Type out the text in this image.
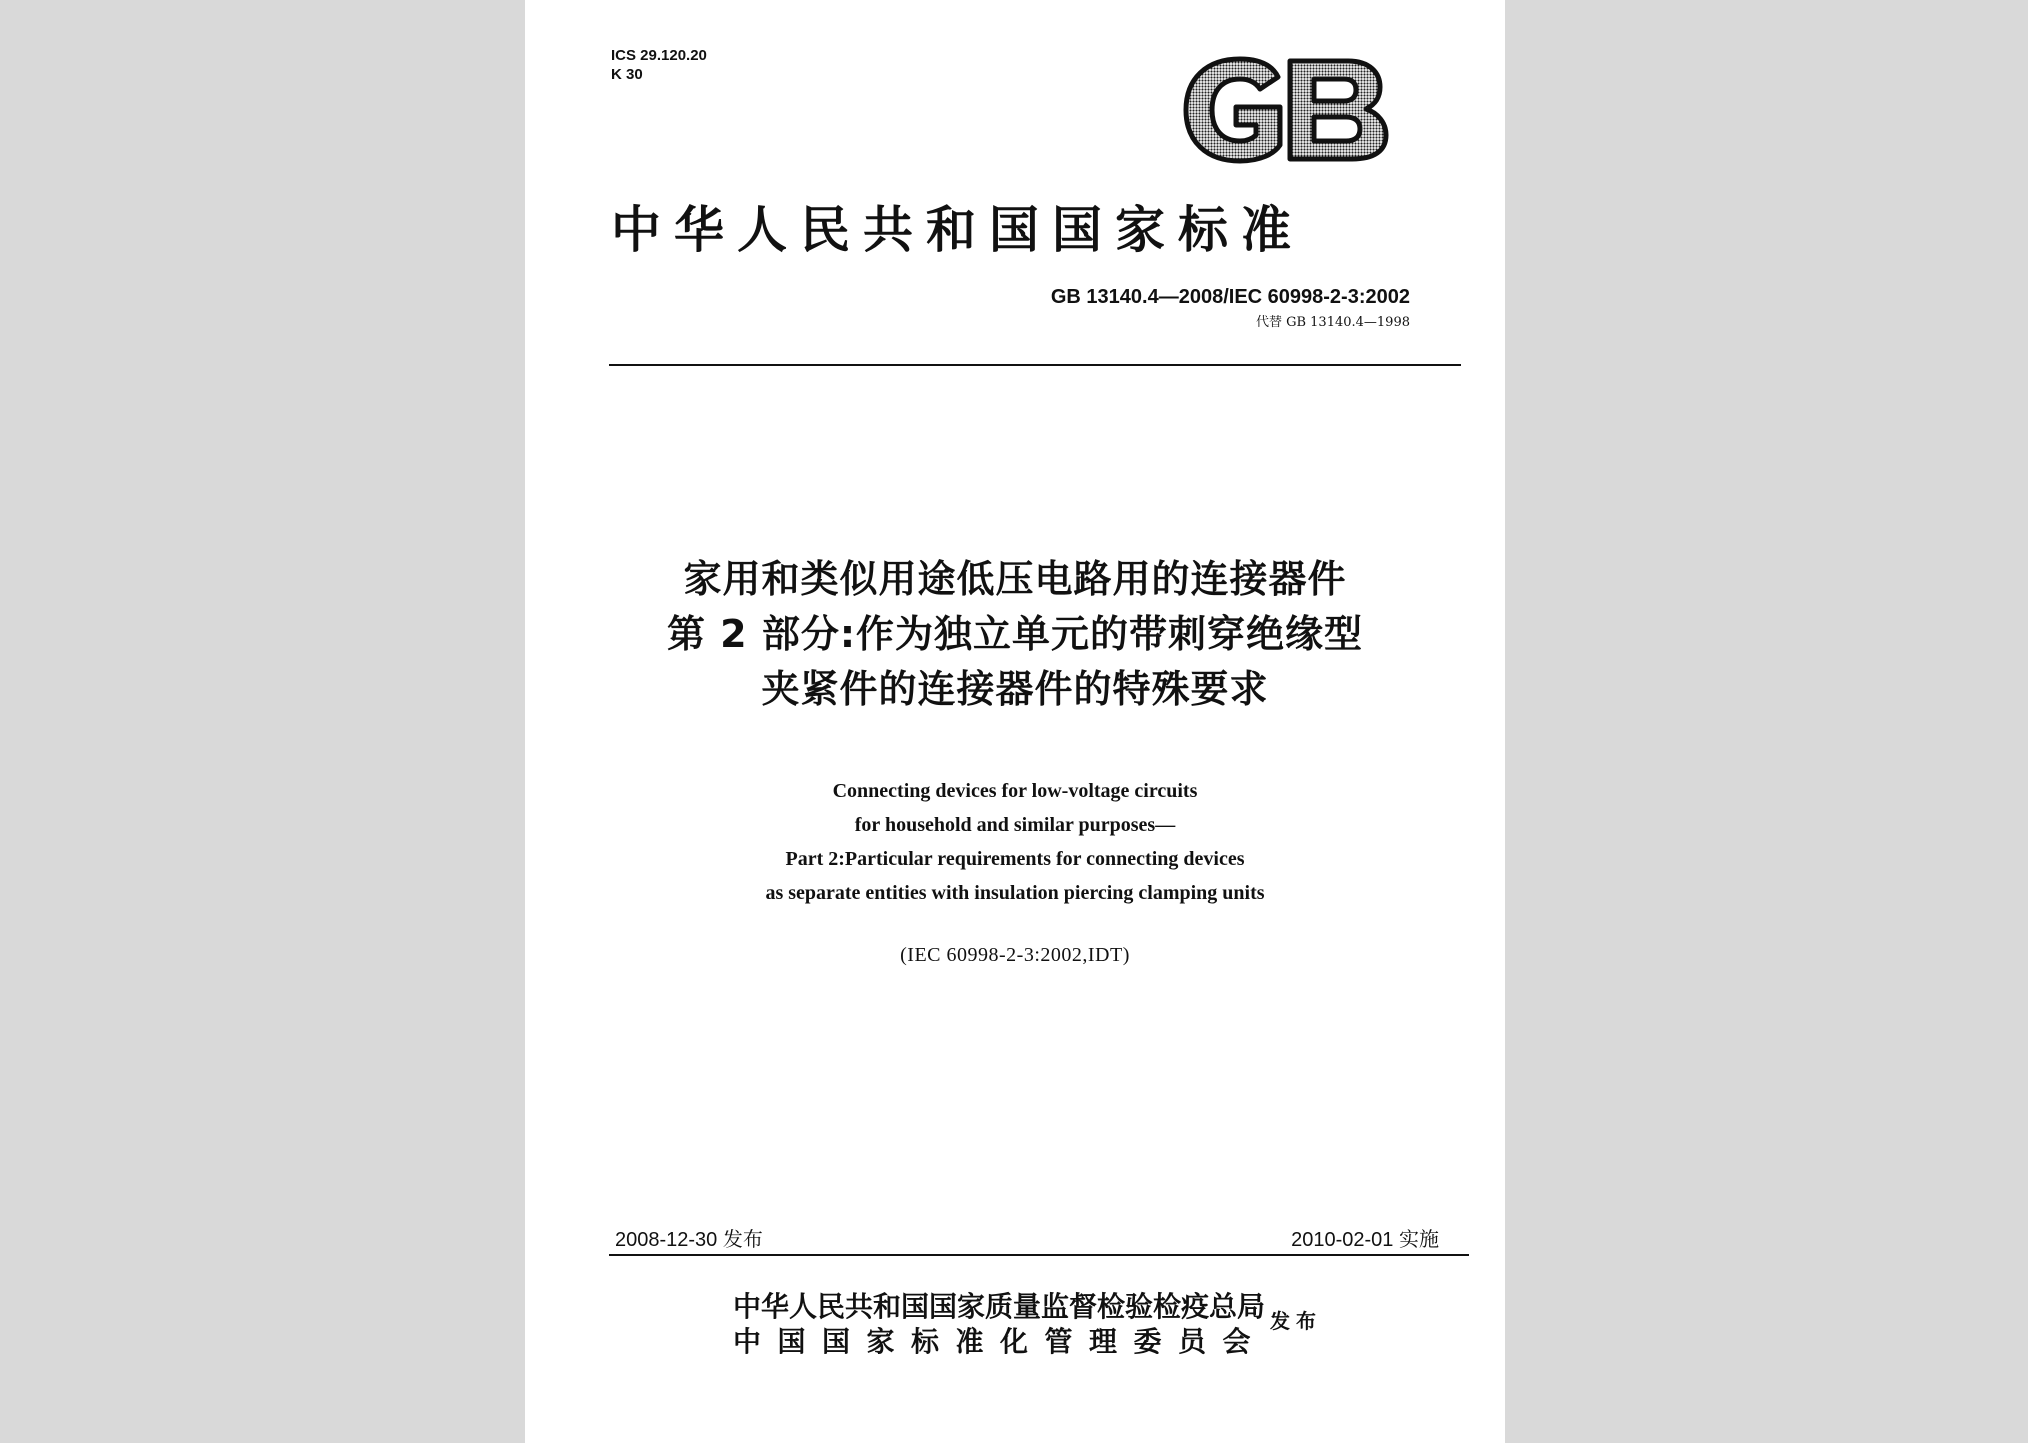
ICS 29.120.20
K 30
中华人民共和国国家标准
GB 13140.4—2008/IEC 60998-2-3:2002
代替 GB 13140.4—1998
家用和类似用途低压电路用的连接器件
第 2 部分:作为独立单元的带刺穿绝缘型
夹紧件的连接器件的特殊要求
Connecting devices for low-voltage circuits
for household and similar purposes—
Part 2:Particular requirements for connecting devices
as separate entities with insulation piercing clamping units
(IEC 60998-2-3:2002,IDT)
2008-12-30 发布	2010-02-01 实施
中华人民共和国国家质量监督检验检疫总局
中国国家标准化管理委员会
发布
